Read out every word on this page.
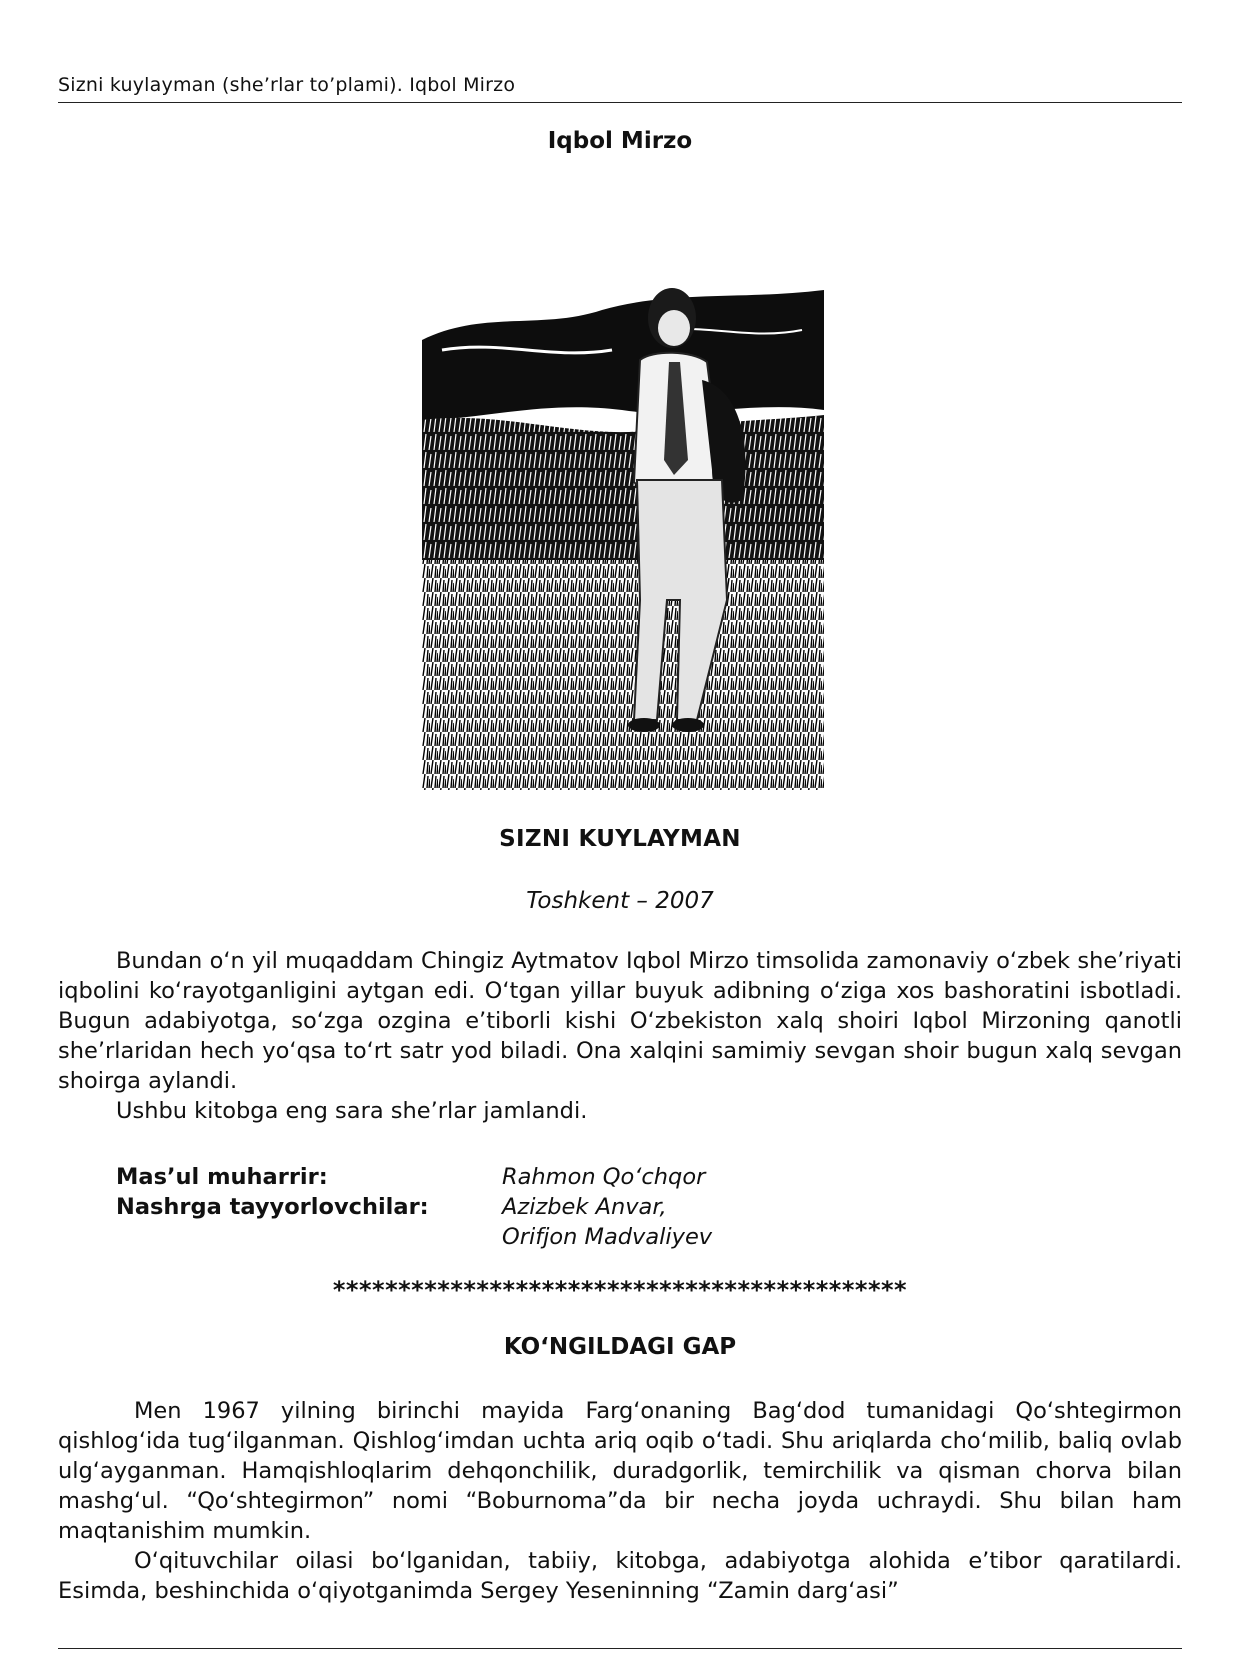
Sizni kuylayman (she’rlar to’plami). Iqbol Mirzo
Iqbol Mirzo
SIZNI KUYLAYMAN
Toshkent – 2007

Bundan o‘n yil muqaddam Chingiz Aytmatov Iqbol Mirzo timsolida zamonaviy o‘zbek she’riyati iqbolini ko‘rayotganligini aytgan edi. O‘tgan yillar buyuk adibning o‘ziga xos bashoratini isbotladi. Bugun adabiyotga, so‘zga ozgina e’tiborli kishi O‘zbekiston xalq shoiri Iqbol Mirzoning qanotli she’rlaridan hech yo‘qsa to‘rt satr yod biladi. Ona xalqini samimiy sevgan shoir bugun xalq sevgan shoirga aylandi.

Ushbu kitobga eng sara she’rlar jamlandi.

Mas’ul muharrir:	Rahmon Qo‘chqor
Nashrga tayyorlovchilar:	Azizbek Anvar,
Orifjon Madvaliyev
********************************************
KO‘NGILDAGI GAP

Men 1967 yilning birinchi mayida Farg‘onaning Bag‘dod tumanidagi Qo‘shtegirmon qishlog‘ida tug‘ilganman. Qishlog‘imdan uchta ariq oqib o‘tadi. Shu ariqlarda cho‘milib, baliq ovlab ulg‘ayganman. Hamqishloqlarim dehqonchilik, duradgorlik, temirchilik va qisman chorva bilan mashg‘ul. “Qo‘shtegirmon” nomi “Boburnoma”da bir necha joyda uchraydi. Shu bilan ham maqtanishim mumkin.

O‘qituvchilar oilasi bo‘lganidan, tabiiy, kitobga, adabiyotga alohida e’tibor qaratilardi. Esimda, beshinchida o‘qiyotganimda Sergey Yeseninning “Zamin darg‘asi”
